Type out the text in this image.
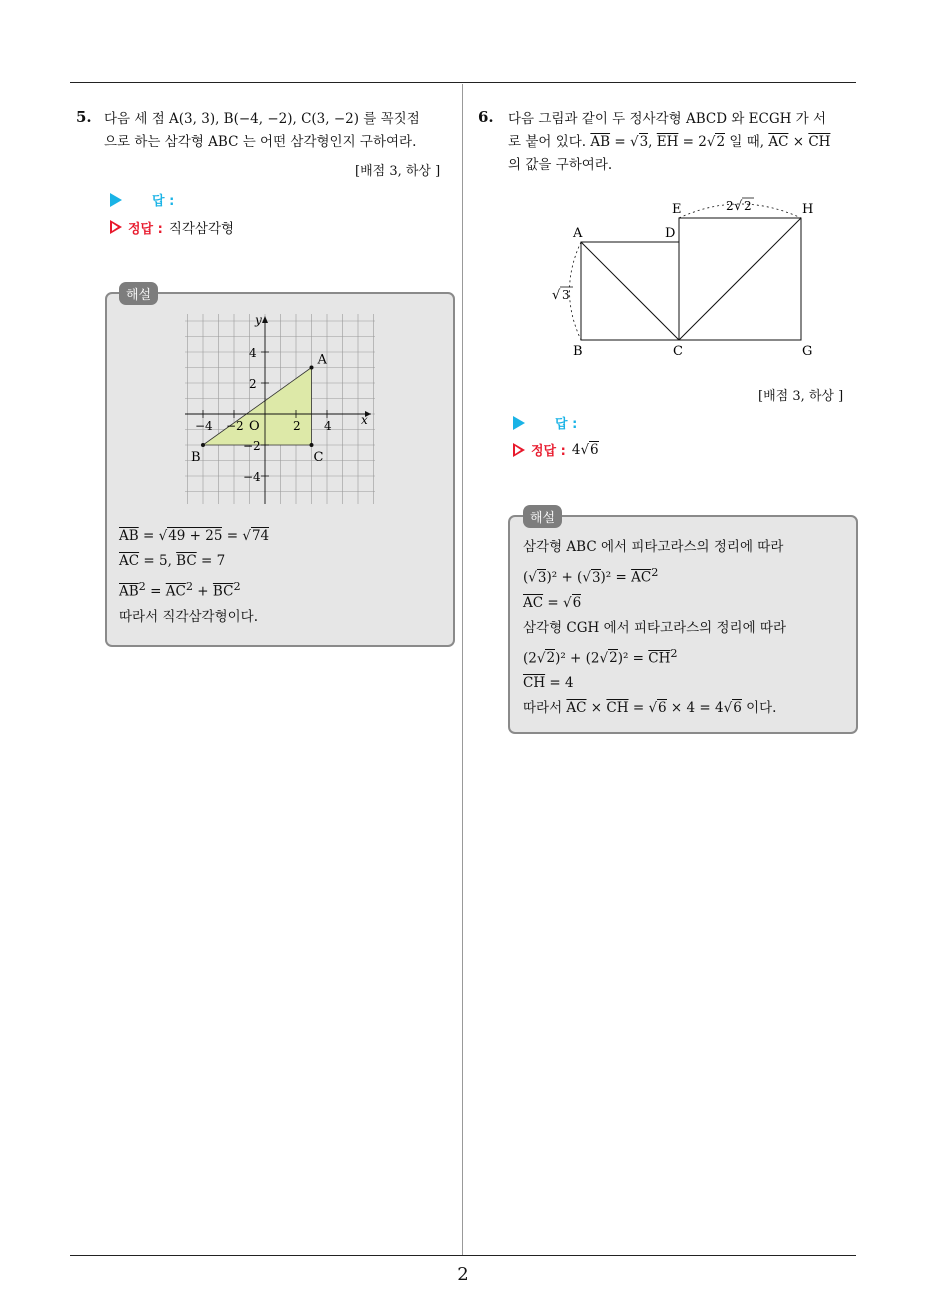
2
5. 다음 세 점 A(3, 3), B(−4, −2), C(3, −2) 를 꼭짓점
으로 하는 삼각형 ABC 는 어떤 삼각형인지 구하여라.
[배점 3, 하상 ]
답 :
정답 : 직각삼각형
−4 −2	2 4
4
2
−2
−4
O	x
y
A
B	C
$\overline{AB} = √49 + 25 = √74$
$\overline{AC} = 5$, $\overline{BC} = 7$
$\overline{AB}^2 = \overline{AC}^2 + \overline{BC}^2$
따라서 직각삼각형이다.
해설
6. 다음 그림과 같이 두 정사각형 ABCD 와 ECGH 가 서
로 붙어 있다. $\overline{AB} = √3$, $\overline{EH} = 2√2$ 일 때, $\overline{AC} \times \overline{CH}$
의 값을 구하여라.
A
B	C
D
E
G
H
√ 3
2 √ 2
[배점 3, 하상 ]
답 :
정답 : 4√6
삼각형 ABC 에서 피타고라스의 정리에 따라
$(√3)^2 + (√3)^2 = \overline{AC}^2$
$\overline{AC} = √6$
삼각형 CGH 에서 피타고라스의 정리에 따라
$(2√2)^2 + (2√2)^2 = \overline{CH}^2$
$\overline{CH} = 4$
따라서 $\overline{AC} \times \overline{CH} = √6 \times 4 = 4√6$ 이다.
해설
